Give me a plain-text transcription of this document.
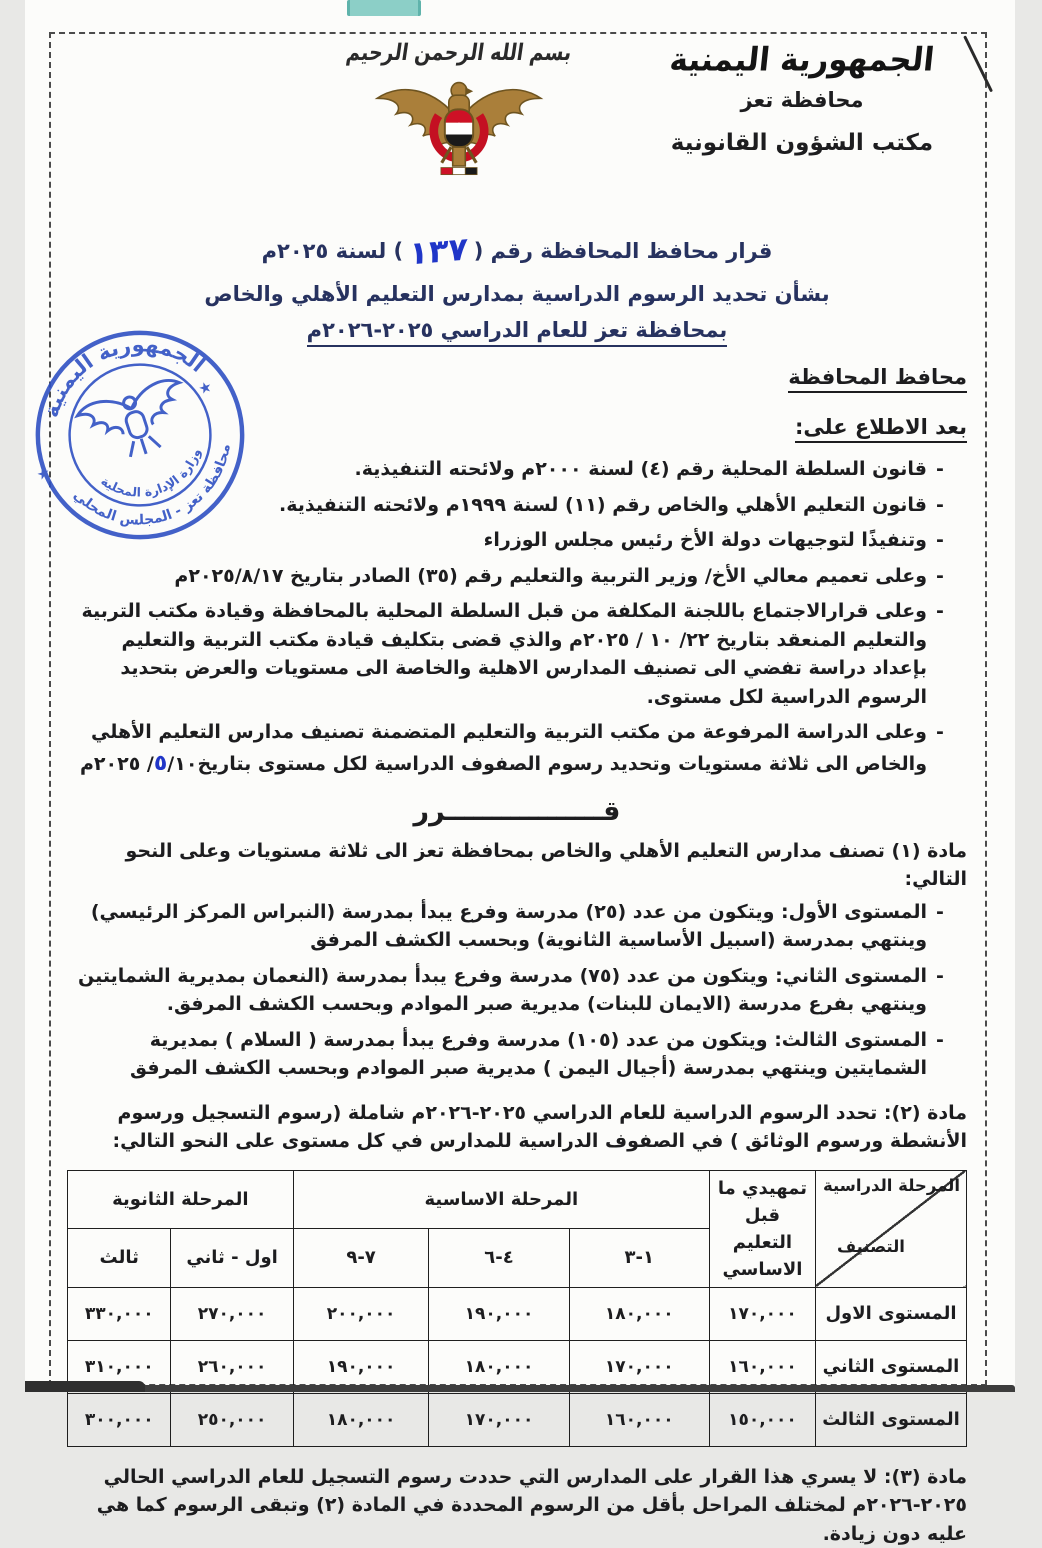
الجمهورية اليمنية
محافظة تعز
مكتب الشؤون القانونية
بسم الله الرحمن الرحيم
قرار محافظ المحافظة رقم (١٣٧) لسنة ٢٠٢٥م
بشأن تحديد الرسوم الدراسية بمدارس التعليم الأهلي والخاص
بمحافظة تعز للعام الدراسي ٢٠٢٥-٢٠٢٦م
محافظ المحافظة
بعد الاطلاع على:
-
قانون السلطة المحلية رقم (٤) لسنة ٢٠٠٠م ولائحته التنفيذية.
-
قانون التعليم الأهلي والخاص رقم (١١) لسنة ١٩٩٩م ولائحته التنفيذية.
-
وتنفيذًا لتوجيهات دولة الأخ رئيس مجلس الوزراء
-
وعلى تعميم معالي الأخ/ وزير التربية والتعليم رقم (٣٥) الصادر بتاريخ ٢٠٢٥/٨/١٧م
-
وعلى قرارالاجتماع باللجنة المكلفة من قبل السلطة المحلية بالمحافظة وقيادة مكتب التربية والتعليم المنعقد بتاريخ ٢٢/ ١٠ / ٢٠٢٥م والذي قضى بتكليف قيادة مكتب التربية والتعليم بإعداد دراسة تفضي الى تصنيف المدارس الاهلية والخاصة الى مستويات والعرض بتحديد الرسوم الدراسية لكل مستوى.
-
وعلى الدراسة المرفوعة من مكتب التربية والتعليم المتضمنة تصنيف مدارس التعليم الأهلي والخاص الى ثلاثة مستويات وتحديد رسوم الصفوف الدراسية لكل مستوى بتاريخ٥/١٠/ ٢٠٢٥م
قـــــــــــــــــرر
مادة (١) تصنف مدارس التعليم الأهلي والخاص بمحافظة تعز الى ثلاثة مستويات وعلى النحو التالي:
-
المستوى الأول: ويتكون من عدد (٢٥) مدرسة وفرع يبدأ بمدرسة (النبراس المركز الرئيسي) وينتهي بمدرسة (اسبيل الأساسية الثانوية) وبحسب الكشف المرفق
-
المستوى الثاني: ويتكون من عدد (٧٥) مدرسة وفرع يبدأ بمدرسة (النعمان بمديرية الشمايتين وينتهي بفرع مدرسة (الايمان للبنات) مديرية صبر الموادم وبحسب الكشف المرفق.
-
المستوى الثالث: ويتكون من عدد (١٠٥) مدرسة وفرع يبدأ بمدرسة ( السلام ) بمديرية الشمايتين وينتهي بمدرسة (أجيال اليمن ) مديرية صبر الموادم وبحسب الكشف المرفق
مادة (٢): تحدد الرسوم الدراسية للعام الدراسي ٢٠٢٥-٢٠٢٦م شاملة (رسوم التسجيل ورسوم الأنشطة ورسوم الوثائق ) في الصفوف الدراسية للمدارس في كل مستوى على النحو التالي:
المرحلة الدراسية
التصنيف	تمهيدي ما قبل التعليم الاساسي	المرحلة الاساسية			المرحلة الثانوية	
		١-٣	٤-٦	٧-٩	اول - ثاني	ثالث
المستوى الاول	١٧٠,٠٠٠	١٨٠,٠٠٠	١٩٠,٠٠٠	٢٠٠,٠٠٠	٢٧٠,٠٠٠	٣٣٠,٠٠٠
المستوى الثاني	١٦٠,٠٠٠	١٧٠,٠٠٠	١٨٠,٠٠٠	١٩٠,٠٠٠	٢٦٠,٠٠٠	٣١٠,٠٠٠
المستوى الثالث	١٥٠,٠٠٠	١٦٠,٠٠٠	١٧٠,٠٠٠	١٨٠,٠٠٠	٢٥٠,٠٠٠	٣٠٠,٠٠٠
مادة (٣): لا يسري هذا القرار على المدارس التي حددت رسوم التسجيل للعام الدراسي الحالي ٢٠٢٥-٢٠٢٦م لمختلف المراحل بأقل من الرسوم المحددة في المادة (٢) وتبقى الرسوم كما هي عليه دون زيادة.
الجمهورية اليمنية
وزارة الإدارة المحلية
محافظة تعز - المجلس المحلي
★
★
